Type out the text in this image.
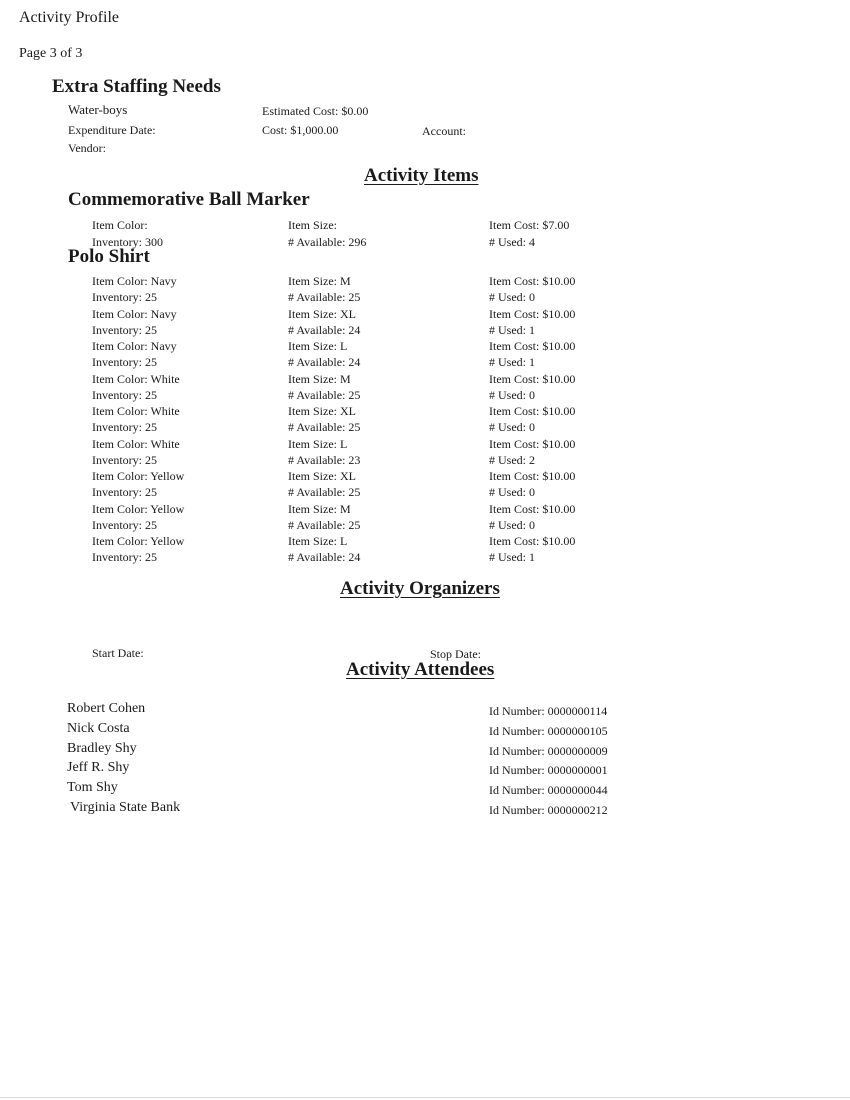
Activity Profile
Page 3 of 3
Extra Staffing Needs
Water-boys	Estimated Cost: $0.00
Expenditure Date:	Cost: $1,000.00	Account:
Vendor:
Activity Items
Commemorative Ball Marker
Item Color:	Item Size:	Item Cost: $7.00
Inventory: 300	# Available: 296	# Used: 4
Polo Shirt
Item Color: Navy	Item Size: M	Item Cost: $10.00
Inventory: 25	# Available: 25	# Used: 0
Item Color: Navy	Item Size: XL	Item Cost: $10.00
Inventory: 25	# Available: 24	# Used: 1
Item Color: Navy	Item Size: L	Item Cost: $10.00
Inventory: 25	# Available: 24	# Used: 1
Item Color: White	Item Size: M	Item Cost: $10.00
Inventory: 25	# Available: 25	# Used: 0
Item Color: White	Item Size: XL	Item Cost: $10.00
Inventory: 25	# Available: 25	# Used: 0
Item Color: White	Item Size: L	Item Cost: $10.00
Inventory: 25	# Available: 23	# Used: 2
Item Color: Yellow	Item Size: XL	Item Cost: $10.00
Inventory: 25	# Available: 25	# Used: 0
Item Color: Yellow	Item Size: M	Item Cost: $10.00
Inventory: 25	# Available: 25	# Used: 0
Item Color: Yellow	Item Size: L	Item Cost: $10.00
Inventory: 25	# Available: 24	# Used: 1
Activity Organizers
Start Date:	Stop Date:
Activity Attendees
Robert Cohen	Id Number: 0000000114
Nick Costa	Id Number: 0000000105
Bradley Shy	Id Number: 0000000009
Jeff R. Shy	Id Number: 0000000001
Tom Shy	Id Number: 0000000044
Virginia State Bank	Id Number: 0000000212
